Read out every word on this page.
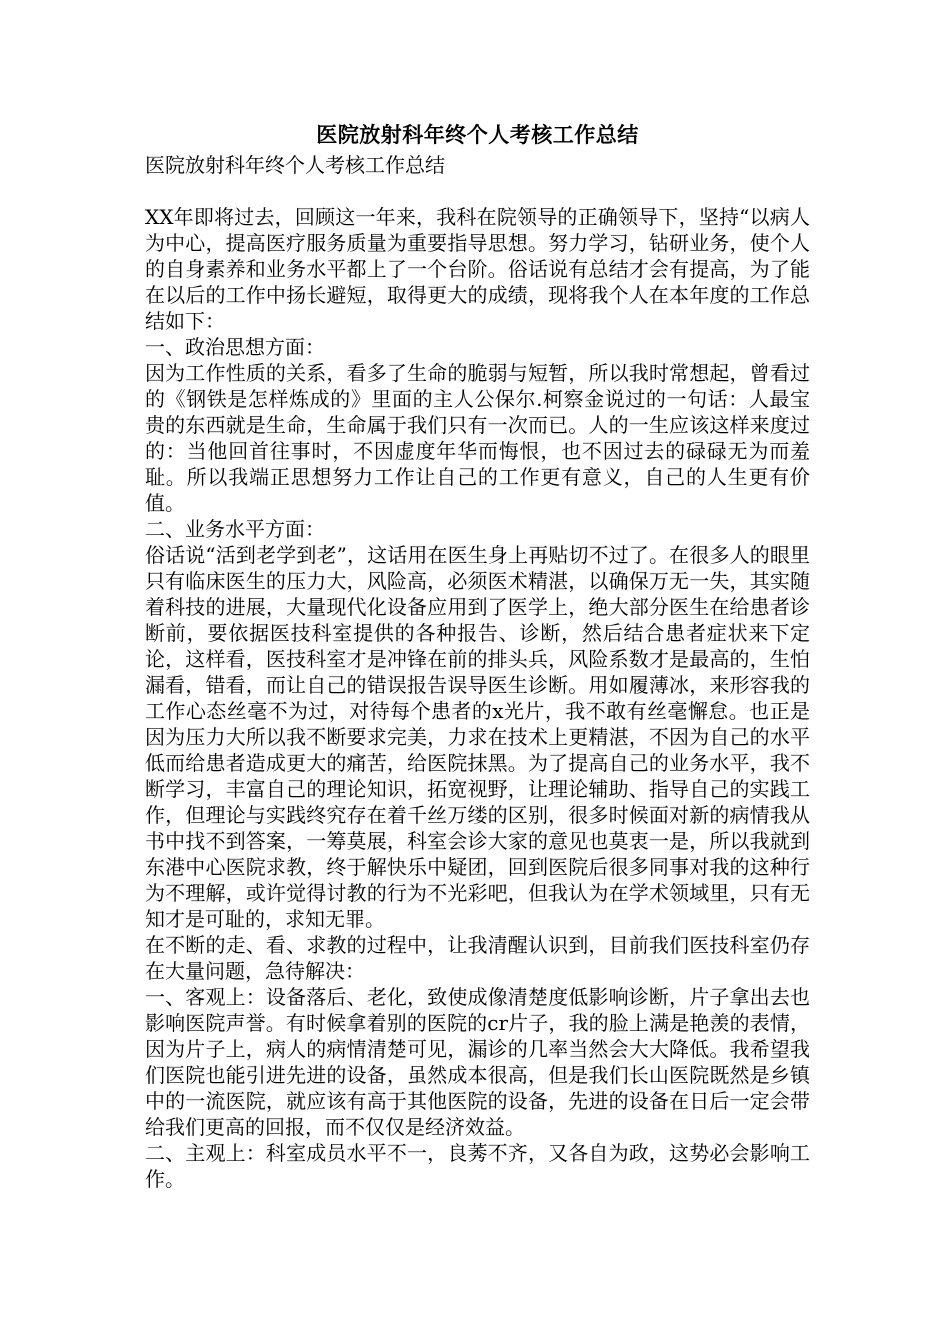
医院放射科年终个人考核工作总结
医院放射科年终个人考核工作总结

XX年即将过去，回顾这一年来，我科在院领导的正确领导下，坚持“以病人为中心，提高医疗服务质量为重要指导思想。努力学习，钻研业务，使个人的自身素养和业务水平都上了一个台阶。俗话说有总结才会有提高，为了能在以后的工作中扬长避短，取得更大的成绩，现将我个人在本年度的工作总结如下：

一、政治思想方面：

因为工作性质的关系，看多了生命的脆弱与短暂，所以我时常想起，曾看过的《钢铁是怎样炼成的》里面的主人公保尔.柯察金说过的一句话：人最宝贵的东西就是生命，生命属于我们只有一次而已。人的一生应该这样来度过的：当他回首往事时，不因虚度年华而悔恨，也不因过去的碌碌无为而羞耻。所以我端正思想努力工作让自己的工作更有意义，自己的人生更有价值。

二、业务水平方面：

俗话说“活到老学到老”，这话用在医生身上再贴切不过了。在很多人的眼里只有临床医生的压力大，风险高，必须医术精湛，以确保万无一失，其实随着科技的进展，大量现代化设备应用到了医学上，绝大部分医生在给患者诊断前，要依据医技科室提供的各种报告、诊断，然后结合患者症状来下定论，这样看，医技科室才是冲锋在前的排头兵，风险系数才是最高的，生怕漏看，错看，而让自己的错误报告误导医生诊断。用如履薄冰，来形容我的工作心态丝毫不为过，对待每个患者的x光片，我不敢有丝毫懈怠。也正是因为压力大所以我不断要求完美，力求在技术上更精湛，不因为自己的水平低而给患者造成更大的痛苦，给医院抹黑。为了提高自己的业务水平，我不断学习，丰富自己的理论知识，拓宽视野，让理论辅助、指导自己的实践工作，但理论与实践终究存在着千丝万缕的区别，很多时候面对新的病情我从书中找不到答案，一筹莫展，科室会诊大家的意见也莫衷一是，所以我就到东港中心医院求教，终于解快乐中疑团，回到医院后很多同事对我的这种行为不理解，或许觉得讨教的行为不光彩吧，但我认为在学术领域里，只有无知才是可耻的，求知无罪。

在不断的走、看、求教的过程中，让我清醒认识到，目前我们医技科室仍存在大量问题，急待解决：

一、客观上：设备落后、老化，致使成像清楚度低影响诊断，片子拿出去也影响医院声誉。有时候拿着别的医院的cr片子，我的脸上满是艳羡的表情，因为片子上，病人的病情清楚可见，漏诊的几率当然会大大降低。我希望我们医院也能引进先进的设备，虽然成本很高，但是我们长山医院既然是乡镇中的一流医院，就应该有高于其他医院的设备，先进的设备在日后一定会带给我们更高的回报，而不仅仅是经济效益。

二、主观上：科室成员水平不一，良莠不齐，又各自为政，这势必会影响工作。
